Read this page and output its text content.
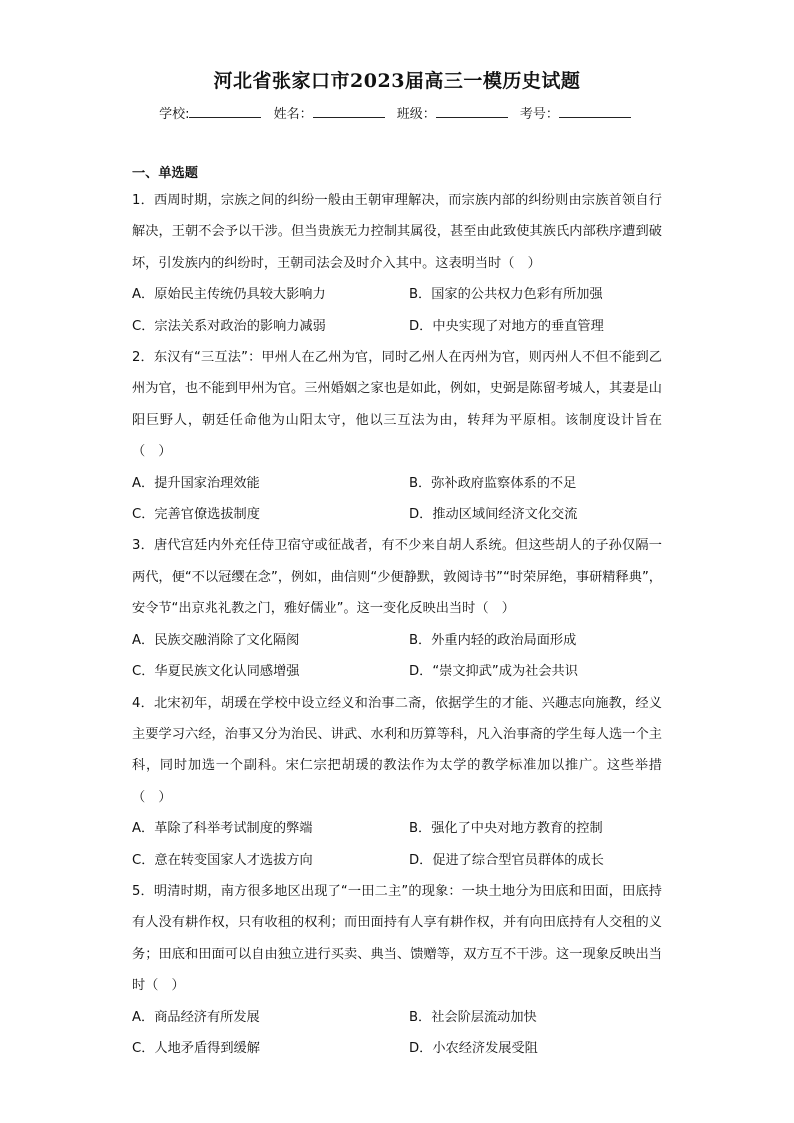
河北省张家口市2023届高三一模历史试题
学校:	姓名：	班级：	考号：
一、单选题
1．西周时期，宗族之间的纠纷一般由王朝审理解决，而宗族内部的纠纷则由宗族首领自行解决，王朝不会予以干涉。但当贵族无力控制其属役，甚至由此致使其族氏内部秩序遭到破坏，引发族内的纠纷时，王朝司法会及时介入其中。这表明当时（　）
A．原始民主传统仍具较大影响力	B．国家的公共权力色彩有所加强
C．宗法关系对政治的影响力减弱	D．中央实现了对地方的垂直管理
2．东汉有“三互法”：甲州人在乙州为官，同时乙州人在丙州为官，则丙州人不但不能到乙州为官，也不能到甲州为官。三州婚姻之家也是如此，例如，史弼是陈留考城人，其妻是山阳巨野人，朝廷任命他为山阳太守，他以三互法为由，转拜为平原相。该制度设计旨在（　）
A．提升国家治理效能	B．弥补政府监察体系的不足
C．完善官僚选拔制度	D．推动区域间经济文化交流
3．唐代宫廷内外充任侍卫宿守或征战者，有不少来自胡人系统。但这些胡人的子孙仅隔一两代，便“不以冠缨在念”，例如，曲信则“少便静默，敦阅诗书”“时荣屏绝，事研精释典”，安令节“出京兆礼教之门，雅好儒业”。这一变化反映出当时（　）
A．民族交融消除了文化隔阂	B．外重内轻的政治局面形成
C．华夏民族文化认同感增强	D．“崇文抑武”成为社会共识
4．北宋初年，胡瑗在学校中设立经义和治事二斋，依据学生的才能、兴趣志向施教，经义主要学习六经，治事又分为治民、讲武、水利和历算等科，凡入治事斋的学生每人选一个主科，同时加选一个副科。宋仁宗把胡瑗的教法作为太学的教学标准加以推广。这些举措（　）
A．革除了科举考试制度的弊端	B．强化了中央对地方教育的控制
C．意在转变国家人才选拔方向	D．促进了综合型官员群体的成长
5．明清时期，南方很多地区出现了“一田二主”的现象：一块土地分为田底和田面，田底持有人没有耕作权，只有收租的权利；而田面持有人享有耕作权，并有向田底持有人交租的义务；田底和田面可以自由独立进行买卖、典当、馈赠等，双方互不干涉。这一现象反映出当时（　）
A．商品经济有所发展	B．社会阶层流动加快
C．人地矛盾得到缓解	D．小农经济发展受阻
